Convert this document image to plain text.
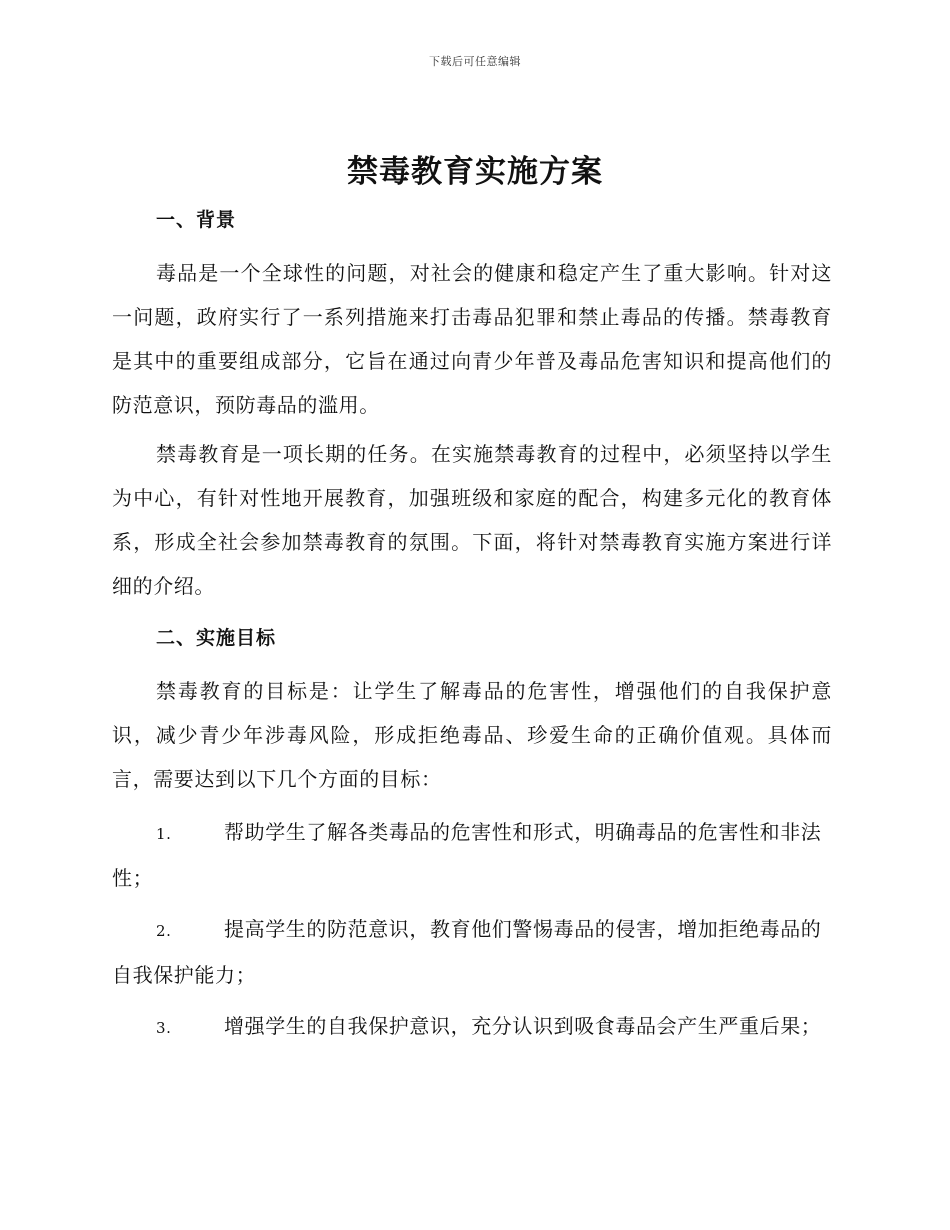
下载后可任意编辑
禁毒教育实施方案
一、背景

毒品是一个全球性的问题，对社会的健康和稳定产生了重大影响。针对这一问题，政府实行了一系列措施来打击毒品犯罪和禁止毒品的传播。禁毒教育是其中的重要组成部分，它旨在通过向青少年普及毒品危害知识和提高他们的防范意识，预防毒品的滥用。

禁毒教育是一项长期的任务。在实施禁毒教育的过程中，必须坚持以学生为中心，有针对性地开展教育，加强班级和家庭的配合，构建多元化的教育体系，形成全社会参加禁毒教育的氛围。下面，将针对禁毒教育实施方案进行详细的介绍。

二、实施目标

禁毒教育的目标是：让学生了解毒品的危害性，增强他们的自我保护意识，减少青少年涉毒风险，形成拒绝毒品、珍爱生命的正确价值观。具体而言，需要达到以下几个方面的目标：

1.	帮助学生了解各类毒品的危害性和形式，明确毒品的危害性和非法性；
2.	提高学生的防范意识，教育他们警惕毒品的侵害，增加拒绝毒品的自我保护能力；
3.	增强学生的自我保护意识，充分认识到吸食毒品会产生严重后果；
